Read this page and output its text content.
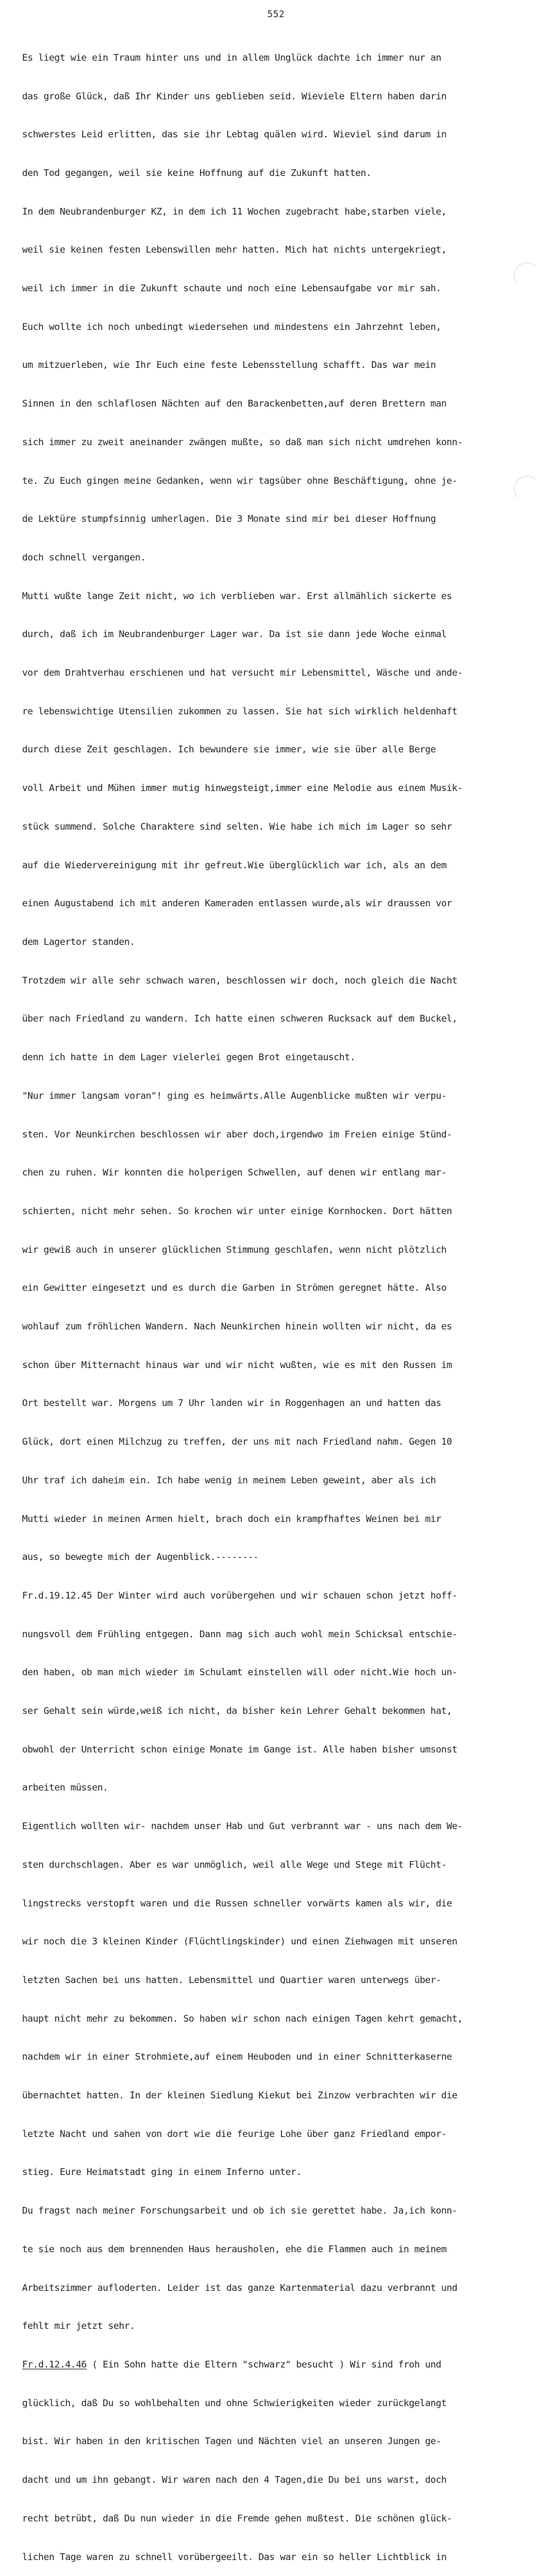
552

Es liegt wie ein Traum hinter uns und in allem Unglück dachte ich immer nur an

das große Glück, daß Ihr Kinder uns geblieben seid. Wieviele Eltern haben darin

schwerstes Leid erlitten, das sie ihr Lebtag quälen wird. Wieviel sind darum in

den Tod gegangen, weil sie keine Hoffnung auf die Zukunft hatten.

In dem Neubrandenburger KZ, in dem ich 11 Wochen zugebracht habe,starben viele,

weil sie keinen festen Lebenswillen mehr hatten. Mich hat nichts untergekriegt,

weil ich immer in die Zukunft schaute und noch eine Lebensaufgabe vor mir sah.

Euch wollte ich noch unbedingt wiedersehen und mindestens ein Jahrzehnt leben,

um mitzuerleben, wie Ihr Euch eine feste Lebensstellung schafft. Das war mein

Sinnen in den schlaflosen Nächten auf den Barackenbetten,auf deren Brettern man

sich immer zu zweit aneinander zwängen mußte, so daß man sich nicht umdrehen konn-

te. Zu Euch gingen meine Gedanken, wenn wir tagsüber ohne Beschäftigung, ohne je-

de Lektüre stumpfsinnig umherlagen. Die 3 Monate sind mir bei dieser Hoffnung

doch schnell vergangen.

Mutti wußte lange Zeit nicht, wo ich verblieben war. Erst allmählich sickerte es

durch, daß ich im Neubrandenburger Lager war. Da ist sie dann jede Woche einmal

vor dem Drahtverhau erschienen und hat versucht mir Lebensmittel, Wäsche und ande-

re lebenswichtige Utensilien zukommen zu lassen. Sie hat sich wirklich heldenhaft

durch diese Zeit geschlagen. Ich bewundere sie immer, wie sie über alle Berge

voll Arbeit und Mühen immer mutig hinwegsteigt,immer eine Melodie aus einem Musik-

stück summend. Solche Charaktere sind selten. Wie habe ich mich im Lager so sehr

auf die Wiedervereinigung mit ihr gefreut.Wie überglücklich war ich, als an dem

einen Augustabend ich mit anderen Kameraden entlassen wurde,als wir draussen vor

dem Lagertor standen.

Trotzdem wir alle sehr schwach waren, beschlossen wir doch, noch gleich die Nacht

über nach Friedland zu wandern. Ich hatte einen schweren Rucksack auf dem Buckel,

denn ich hatte in dem Lager vielerlei gegen Brot eingetauscht.

"Nur immer langsam voran"! ging es heimwärts.Alle Augenblicke mußten wir verpu-

sten. Vor Neunkirchen beschlossen wir aber doch,irgendwo im Freien einige Stünd-

chen zu ruhen. Wir konnten die holperigen Schwellen, auf denen wir entlang mar-

schierten, nicht mehr sehen. So krochen wir unter einige Kornhocken. Dort hätten

wir gewiß auch in unserer glücklichen Stimmung geschlafen, wenn nicht plötzlich

ein Gewitter eingesetzt und es durch die Garben in Strömen geregnet hätte. Also

wohlauf zum fröhlichen Wandern. Nach Neunkirchen hinein wollten wir nicht, da es

schon über Mitternacht hinaus war und wir nicht wußten, wie es mit den Russen im

Ort bestellt war. Morgens um 7 Uhr landen wir in Roggenhagen an und hatten das

Glück, dort einen Milchzug zu treffen, der uns mit nach Friedland nahm. Gegen 10

Uhr traf ich daheim ein. Ich habe wenig in meinem Leben geweint, aber als ich

Mutti wieder in meinen Armen hielt, brach doch ein krampfhaftes Weinen bei mir

aus, so bewegte mich der Augenblick.--------

Fr.d.19.12.45 Der Winter wird auch vorübergehen und wir schauen schon jetzt hoff-

nungsvoll dem Frühling entgegen. Dann mag sich auch wohl mein Schicksal entschie-

den haben, ob man mich wieder im Schulamt einstellen will oder nicht.Wie hoch un-

ser Gehalt sein würde,weiß ich nicht, da bisher kein Lehrer Gehalt bekommen hat,

obwohl der Unterricht schon einige Monate im Gange ist. Alle haben bisher umsonst

arbeiten müssen.

Eigentlich wollten wir- nachdem unser Hab und Gut verbrannt war - uns nach dem We-

sten durchschlagen. Aber es war unmöglich, weil alle Wege und Stege mit Flücht-

lingstrecks verstopft waren und die Russen schneller vorwärts kamen als wir, die

wir noch die 3 kleinen Kinder (Flüchtlingskinder) und einen Ziehwagen mit unseren

letzten Sachen bei uns hatten. Lebensmittel und Quartier waren unterwegs über-

haupt nicht mehr zu bekommen. So haben wir schon nach einigen Tagen kehrt gemacht,

nachdem wir in einer Strohmiete,auf einem Heuboden und in einer Schnitterkaserne

übernachtet hatten. In der kleinen Siedlung Kiekut bei Zinzow verbrachten wir die

letzte Nacht und sahen von dort wie die feurige Lohe über ganz Friedland empor-

stieg. Eure Heimatstadt ging in einem Inferno unter.

Du fragst nach meiner Forschungsarbeit und ob ich sie gerettet habe. Ja,ich konn-

te sie noch aus dem brennenden Haus herausholen, ehe die Flammen auch in meinem

Arbeitszimmer aufloderten. Leider ist das ganze Kartenmaterial dazu verbrannt und

fehlt mir jetzt sehr.

Fr.d.12.4.46 ( Ein Sohn hatte die Eltern "schwarz" besucht ) Wir sind froh und

glücklich, daß Du so wohlbehalten und ohne Schwierigkeiten wieder zurückgelangt

bist. Wir haben in den kritischen Tagen und Nächten viel an unseren Jungen ge-

dacht und um ihn gebangt. Wir waren nach den 4 Tagen,die Du bei uns warst, doch

recht betrübt, daß Du nun wieder in die Fremde gehen mußtest. Die schönen glück-

lichen Tage waren zu schnell vorübergeeilt. Das war ein so heller Lichtblick in
